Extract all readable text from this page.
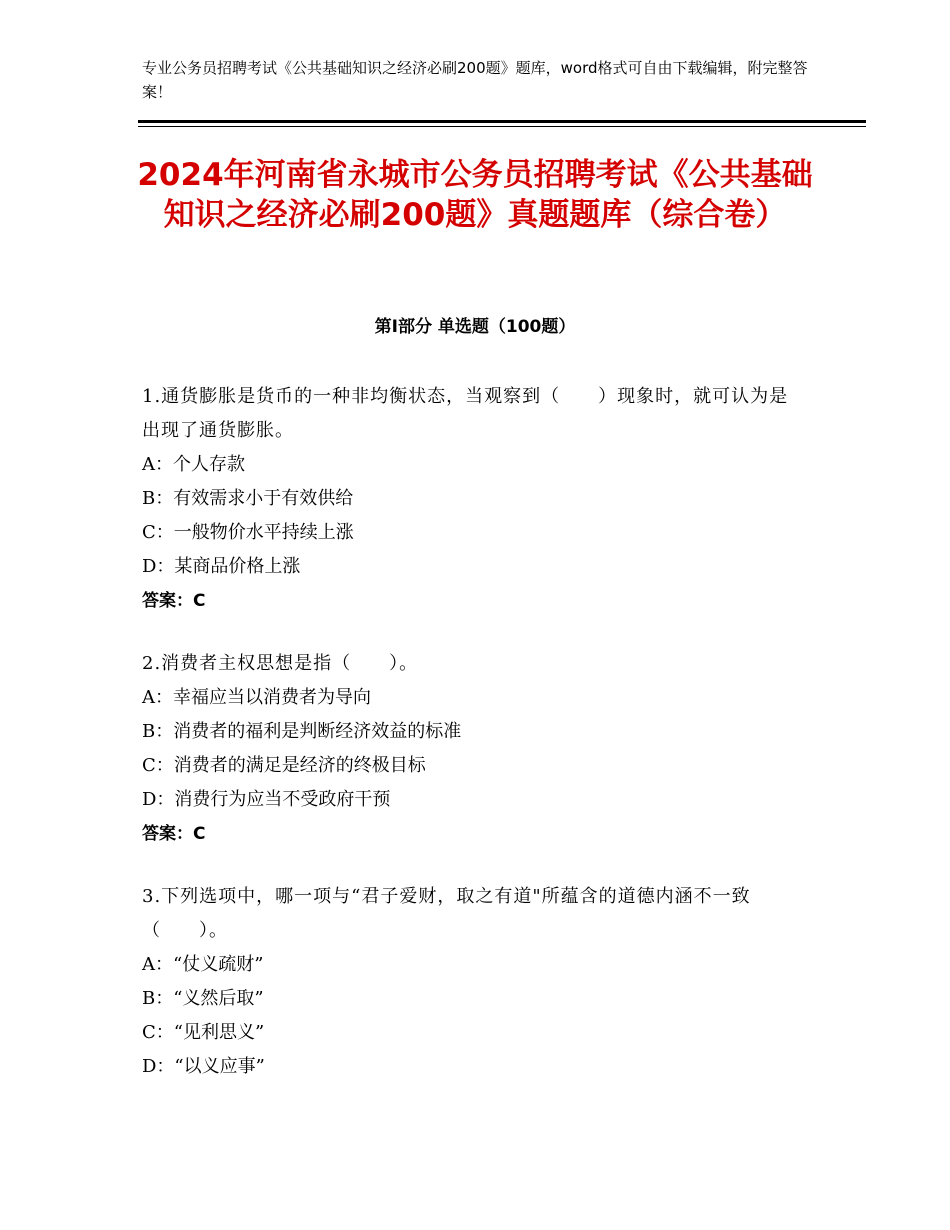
专业公务员招聘考试《公共基础知识之经济必刷200题》题库，word格式可自由下载编辑，附完整答案！
2024年河南省永城市公务员招聘考试《公共基础知识之经济必刷200题》真题题库（综合卷）
第Ⅰ部分 单选题（100题）
1.通货膨胀是货币的一种非均衡状态，当观察到（　　）现象时，就可认为是出现了通货膨胀。
A：个人存款
B：有效需求小于有效供给
C：一般物价水平持续上涨
D：某商品价格上涨
答案：C
2.消费者主权思想是指（　　）。
A：幸福应当以消费者为导向
B：消费者的福利是判断经济效益的标准
C：消费者的满足是经济的终极目标
D：消费行为应当不受政府干预
答案：C
3.下列选项中，哪一项与“君子爱财，取之有道"所蕴含的道德内涵不一致（　　）。
A：“仗义疏财”
B：“义然后取”
C：“见利思义”
D：“以义应事”
